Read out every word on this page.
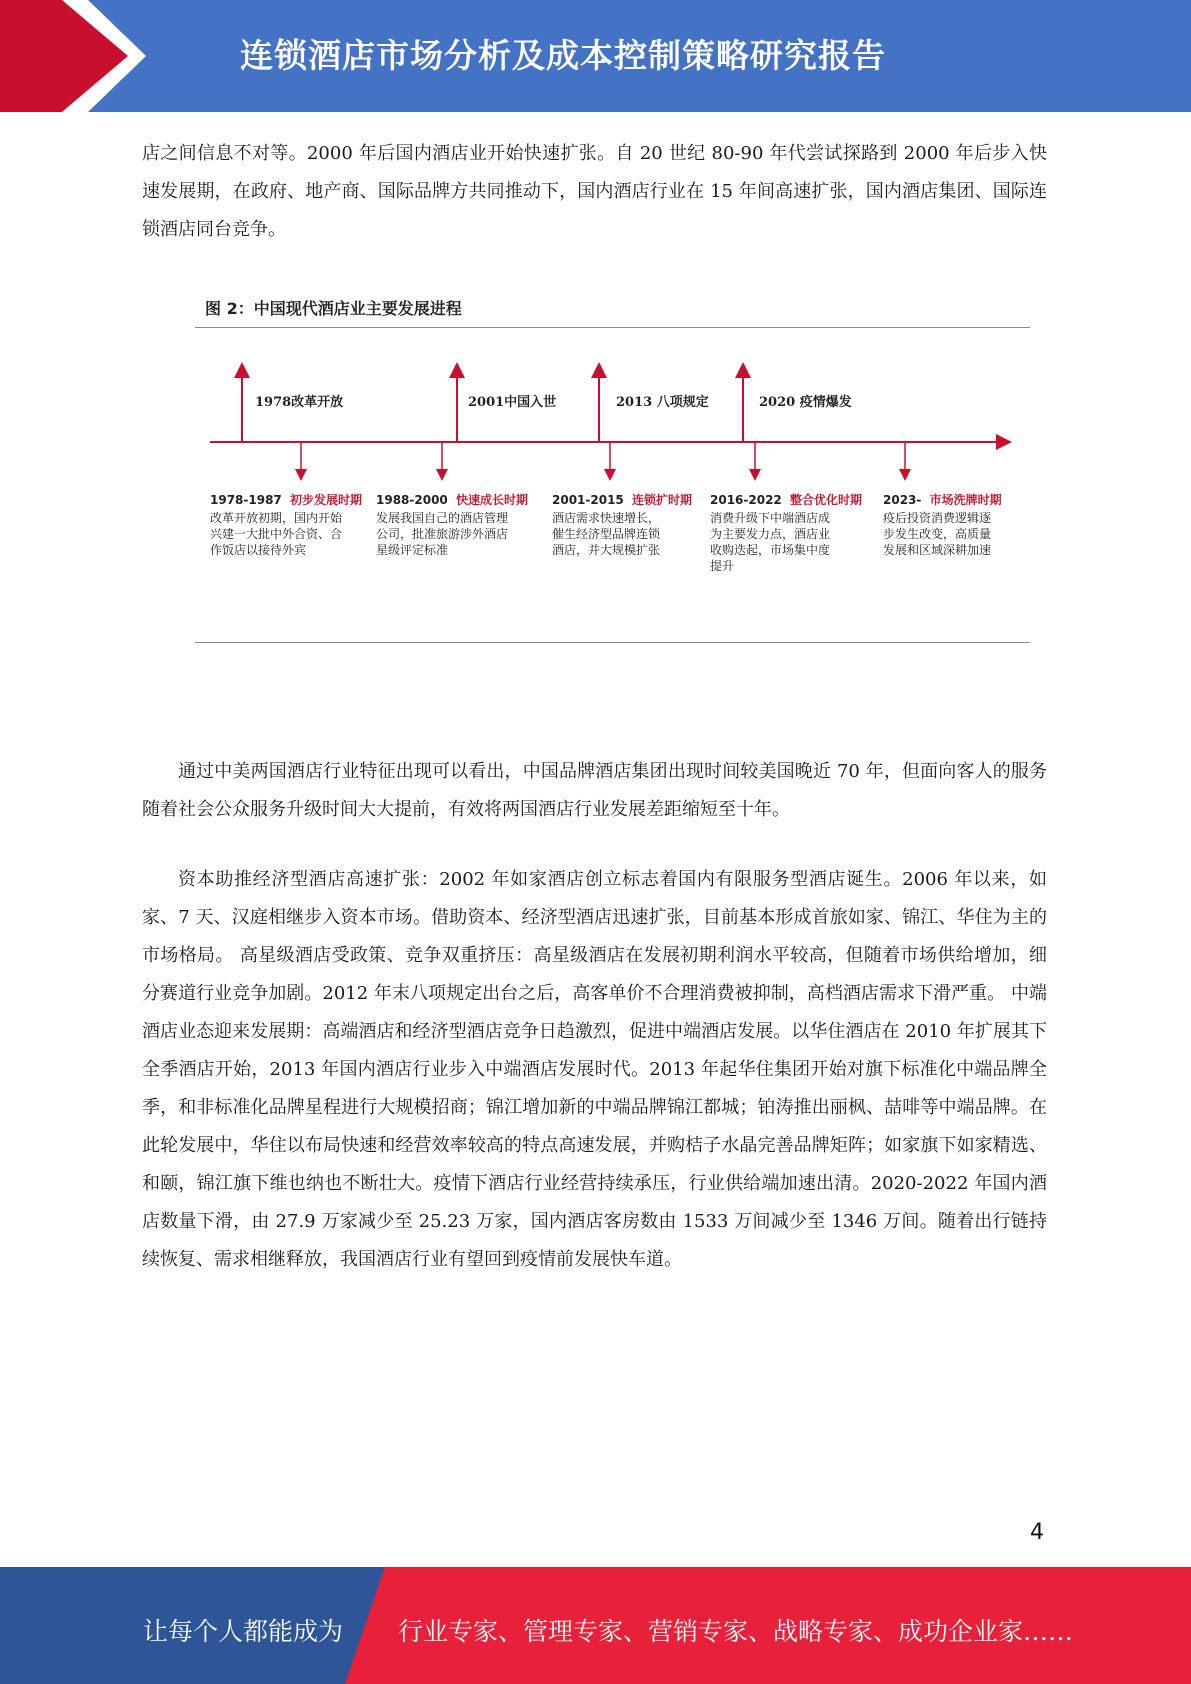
连锁酒店市场分析及成本控制策略研究报告

店之间信息不对等。2000 年后国内酒店业开始快速扩张。自 20 世纪 80-90 年代尝试探路到 2000 年后步入快速发展期，在政府、地产商、国际品牌方共同推动下，国内酒店行业在 15 年间高速扩张，国内酒店集团、国际连锁酒店同台竞争。

图 2：中国现代酒店业主要发展进程
1978改革开放	2001中国入世	2013 八项规定	2020 疫情爆发
1978-1987 初步发展时期
改革开放初期，国内开始
兴建一大批中外合资、合
作饭店以接待外宾
1988-2000 快速成长时期
发展我国自己的酒店管理
公司，批准旅游涉外酒店
星级评定标准
2001-2015 连锁扩时期
酒店需求快速增长，
催生经济型品牌连锁
酒店，并大规模扩张
2016-2022 整合优化时期
消费升级下中端酒店成
为主要发力点，酒店业
收购迭起，市场集中度
提升
2023- 市场洗牌时期
疫后投资消费逻辑逐
步发生改变，高质量
发展和区域深耕加速

通过中美两国酒店行业特征出现可以看出，中国品牌酒店集团出现时间较美国晚近 70 年，但面向客人的服务随着社会公众服务升级时间大大提前，有效将两国酒店行业发展差距缩短至十年。

资本助推经济型酒店高速扩张：2002 年如家酒店创立标志着国内有限服务型酒店诞生。2006 年以来，如家、7 天、汉庭相继步入资本市场。借助资本、经济型酒店迅速扩张，目前基本形成首旅如家、锦江、华住为主的市场格局。 高星级酒店受政策、竞争双重挤压：高星级酒店在发展初期利润水平较高，但随着市场供给增加，细分赛道行业竞争加剧。2012 年末八项规定出台之后，高客单价不合理消费被抑制，高档酒店需求下滑严重。 中端酒店业态迎来发展期：高端酒店和经济型酒店竞争日趋激烈，促进中端酒店发展。以华住酒店在 2010 年扩展其下全季酒店开始，2013 年国内酒店行业步入中端酒店发展时代。2013 年起华住集团开始对旗下标准化中端品牌全季，和非标准化品牌星程进行大规模招商；锦江增加新的中端品牌锦江都城；铂涛推出丽枫、喆啡等中端品牌。在此轮发展中，华住以布局快速和经营效率较高的特点高速发展，并购桔子水晶完善品牌矩阵；如家旗下如家精选、和颐，锦江旗下维也纳也不断壮大。疫情下酒店行业经营持续承压，行业供给端加速出清。2020-2022 年国内酒店数量下滑，由 27.9 万家减少至 25.23 万家，国内酒店客房数由 1533 万间减少至 1346 万间。随着出行链持续恢复、需求相继释放，我国酒店行业有望回到疫情前发展快车道。

4
让每个人都能成为 行业专家、管理专家、营销专家、战略专家、成功企业家……
